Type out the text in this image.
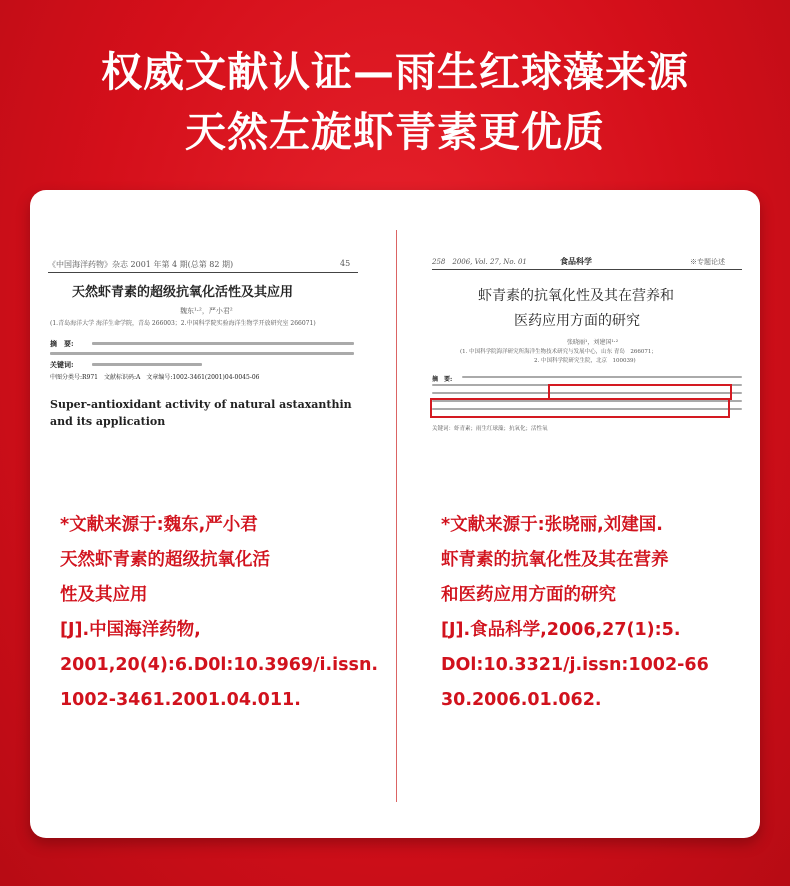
权威文献认证—雨生红球藻来源
天然左旋虾青素更优质
《中国海洋药物》杂志 2001 年第 4 期(总第 82 期)	45
天然虾青素的超级抗氧化活性及其应用
魏东¹·²，严小君²
(1.青岛海洋大学 海洋生命学院，青岛 266003；2.中国科学院实验海洋生物学开放研究室 266071)
摘　要:
关键词:
中图分类号:R971　文献标识码:A　文章编号:1002-3461(2001)04-0045-06
Super-antioxidant activity of natural astaxanthin and its application
258　2006, Vol. 27, No. 01	食品科学	※专题论述
虾青素的抗氧化性及其在营养和
医药应用方面的研究
张晓丽¹，刘建国¹·²
(1. 中国科学院海洋研究所海洋生物技术研究与发展中心，山东 青岛　266071；
2. 中国科学院研究生院，北京　100039)
摘　要:
关键词：虾青素；雨生红球藻；抗氧化；活性氧
*文献来源于:魏东,严小君
天然虾青素的超级抗氧化活
性及其应用
[J].中国海洋药物,
2001,20(4):6.D0l:10.3969/i.issn.
1002-3461.2001.04.011.
*文献来源于:张晓丽,刘建国.
虾青素的抗氧化性及其在营养
和医药应用方面的研究
[J].食品科学,2006,27(1):5.
DOl:10.3321/j.issn:1002-66
30.2006.01.062.
